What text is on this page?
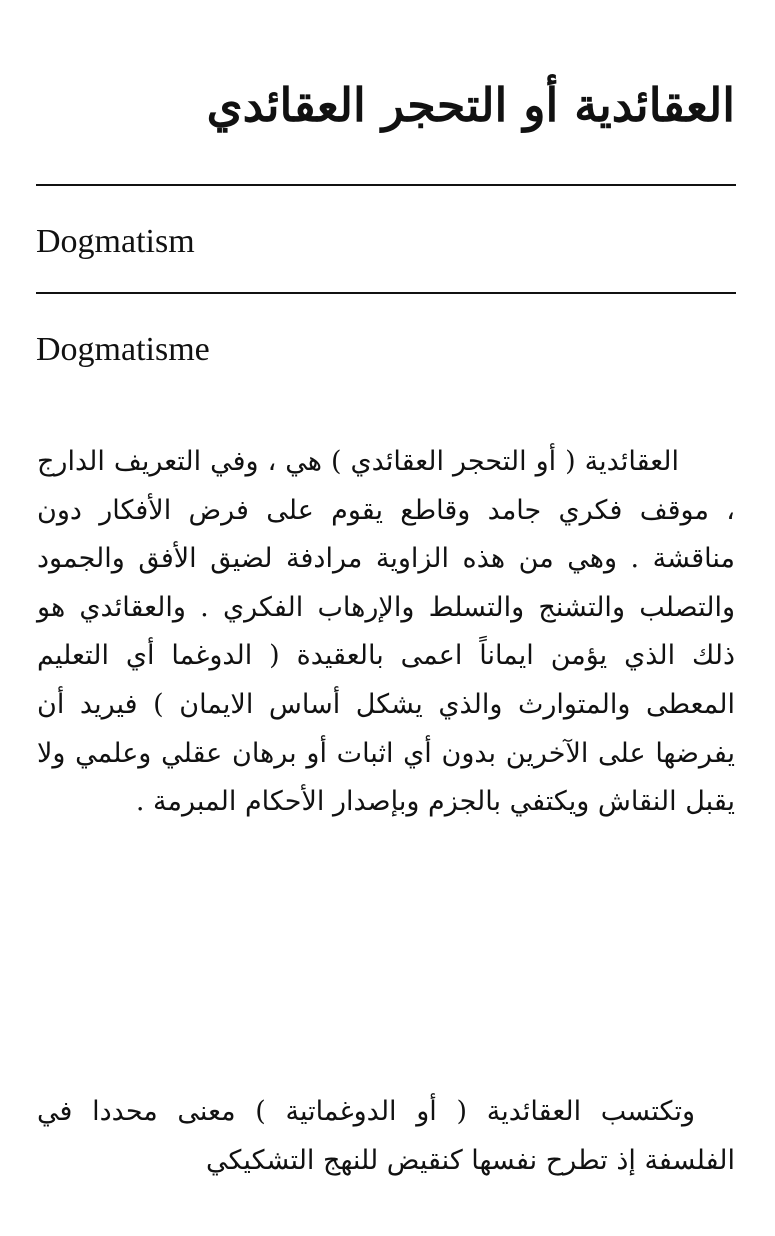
العقائدية أو التحجر العقائدي
Dogmatism
Dogmatisme

العقائدية ( أو التحجر العقائدي ) هي ، وفي التعريف الدارج ، موقف فكري جامد وقاطع يقوم على فرض الأفكار دون مناقشة . وهي من هذه الزاوية مرادفة لضيق الأفق والجمود والتصلب والتشنج والتسلط والإرهاب الفكري . والعقائدي هو ذلك الذي يؤمن ايماناً اعمى بالعقيدة ( الدوغما أي التعليم المعطى والمتوارث والذي يشكل أساس الايمان ) فيريد أن يفرضها على الآخرين بدون أي اثبات أو برهان عقلي وعلمي ولا يقبل النقاش ويكتفي بالجزم وبإصدار الأحكام المبرمة .

وتكتسب العقائدية ( أو الدوغماتية ) معنى محددا في الفلسفة إذ تطرح نفسها كنقيض للنهج التشكيكي
